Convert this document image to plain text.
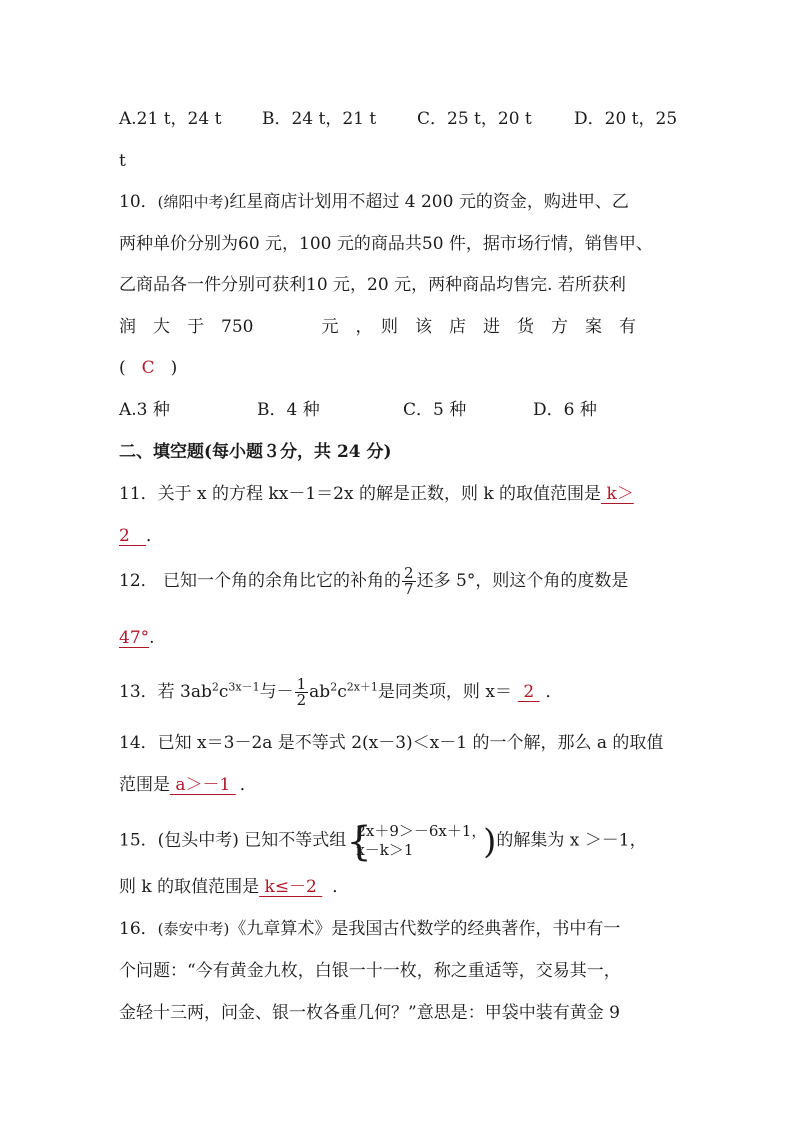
A.21 t，24 t B．24 t，21 t C．25 t，20 t D．20 t，25
t
10．(绵阳中考)红星商店计划用不超过 4 200 元的资金，购进甲、乙
两种单价分别为60 元，100 元的商品共50 件，据市场行情，销售甲、
乙商品各一件分别可获利10 元，20 元，两种商品均售完. 若所获利
润　大　于　750　　　　元　，　则　该　店　进　货　方　案　有
( C )
A.3 种	B．4 种	C．5 种	D．6 种
二、填空题(每小题３分，共 24 分)
11．关于 x 的方程 kx－1＝2x 的解是正数，则 k 的取值范围是 k＞
2 ．
12． 已知一个角的余角比它的补角的 $\frac{2}{7}$ 还多 5°，则这个角的度数是
47°.
13．若 $3ab^2c^{3x-1}$与－ $\frac{1}{2} ab^2c^{2x+1}$是同类项，则 x＝ 2 ．
14．已知 x＝3－2a 是不等式 2(x－3)＜x－1 的一个解，那么 a 的取值
范围是 a＞－1 ．
15．(包头中考) 已知不等式组 {
2x＋9＞－6x＋1，
x－k＞1	) 的解集为 x ＞－1，
则 k 的取值范围是 k≤－2 ．
16．(泰安中考)《九章算术》是我国古代数学的经典著作，书中有一
个问题：“今有黄金九枚，白银一十一枚，称之重适等，交易其一，
金轻十三两，问金、银一枚各重几何？”意思是：甲袋中装有黄金 9
